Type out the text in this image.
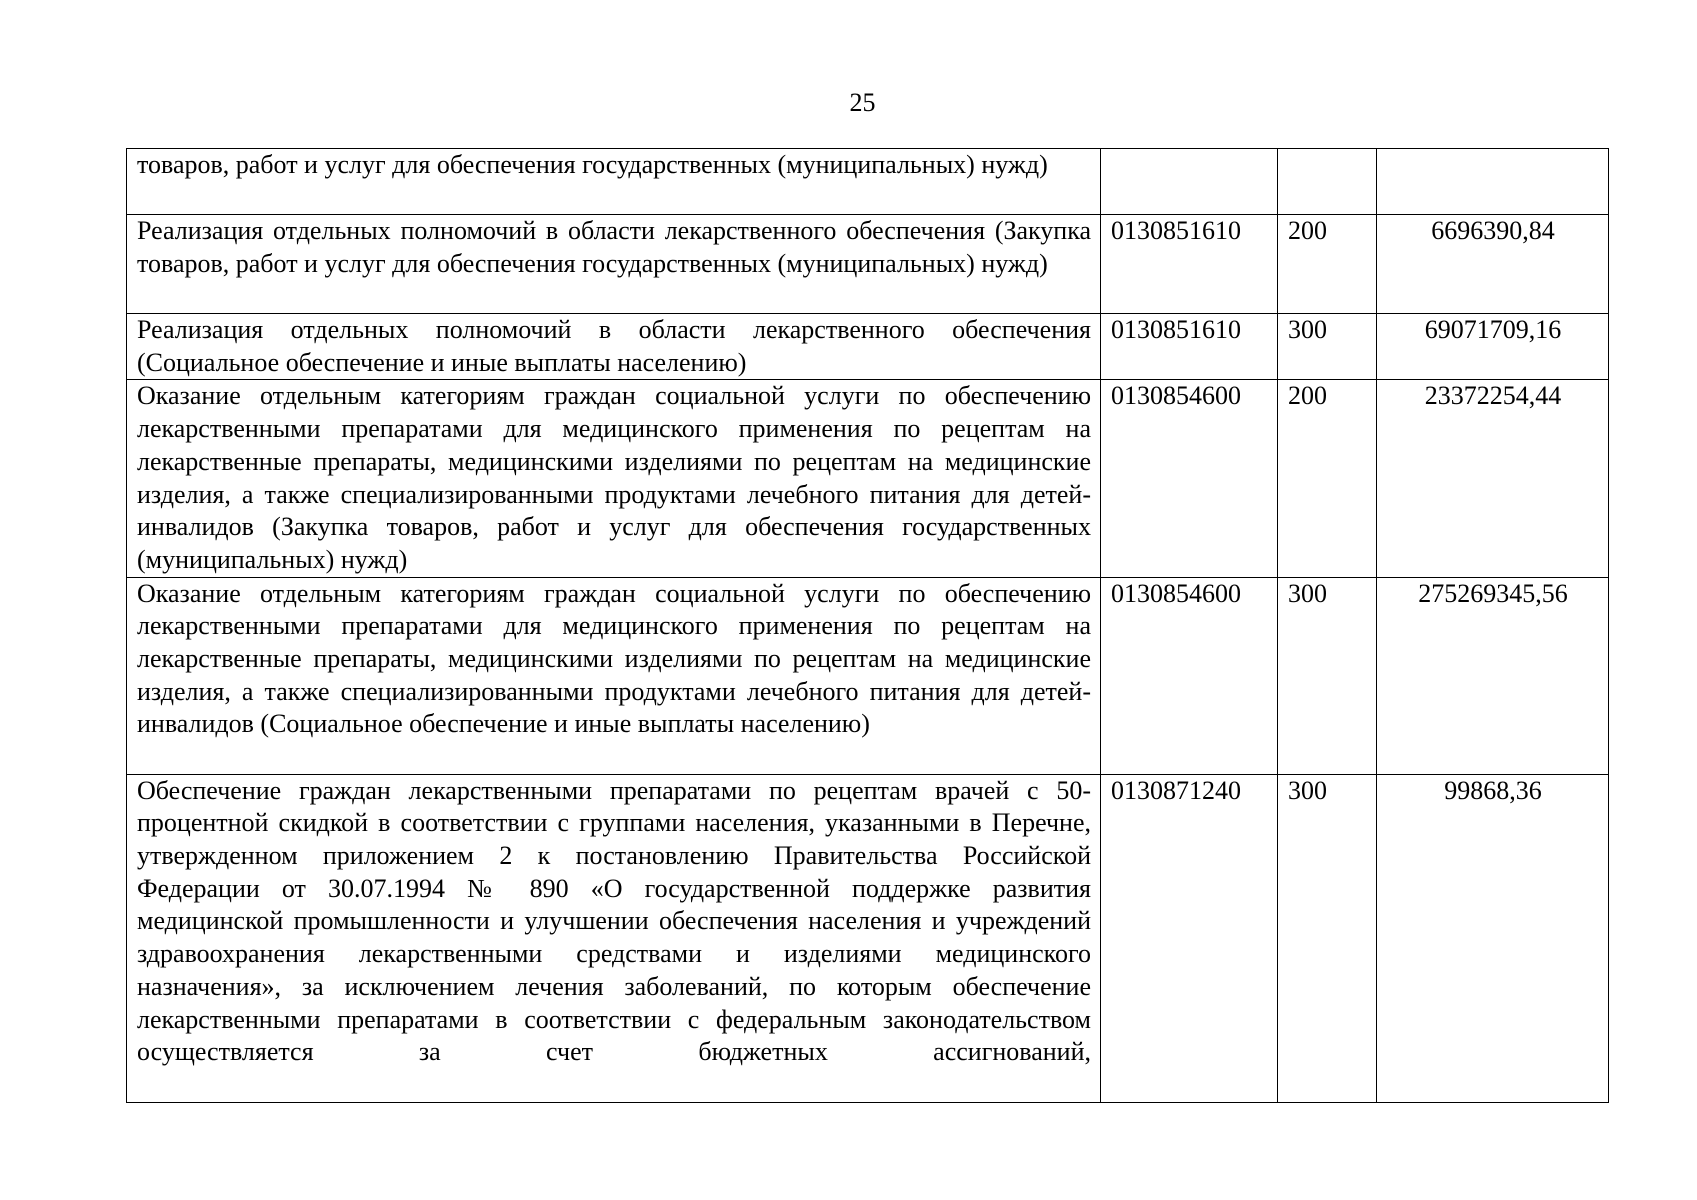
25
товаров, работ и услуг для обеспечения государственных (муниципальных) нужд)			
Реализация отдельных полномочий в области лекарственного обеспечения (Закупка товаров, работ и услуг для обеспечения государственных (муниципальных) нужд)	0130851610	200	6696390,84
Реализация отдельных полномочий в области лекарственного обеспечения (Социальное обеспечение и иные выплаты населению)	0130851610	300	69071709,16
Оказание отдельным категориям граждан социальной услуги по обеспечению лекарственными препаратами для медицинского применения по рецептам на лекарственные препараты, медицинскими изделиями по рецептам на медицинские изделия, а также специализированными продуктами лечебного питания для детей-инвалидов (Закупка товаров, работ и услуг для обеспечения государственных (муниципальных) нужд)	0130854600	200	23372254,44
Оказание отдельным категориям граждан социальной услуги по обеспечению лекарственными препаратами для медицинского применения по рецептам на лекарственные препараты, медицинскими изделиями по рецептам на медицинские изделия, а также специализированными продуктами лечебного питания для детей-инвалидов (Социальное обеспечение и иные выплаты населению)	0130854600	300	275269345,56
Обеспечение граждан лекарственными препаратами по рецептам врачей с 50-процентной скидкой в соответствии с группами населения, указанными в Перечне, утвержденном приложением 2 к постановлению Правительства Российской Федерации от 30.07.1994 № 890 «О государственной поддержке развития медицинской промышленности и улучшении обеспечения населения и учреждений здравоохранения лекарственными средствами и изделиями медицинского назначения», за исключением лечения заболеваний, по которым обеспечение лекарственными препаратами в соответствии с федеральным законодательством осуществляется за счет бюджетных ассигнований,	0130871240	300	99868,36
